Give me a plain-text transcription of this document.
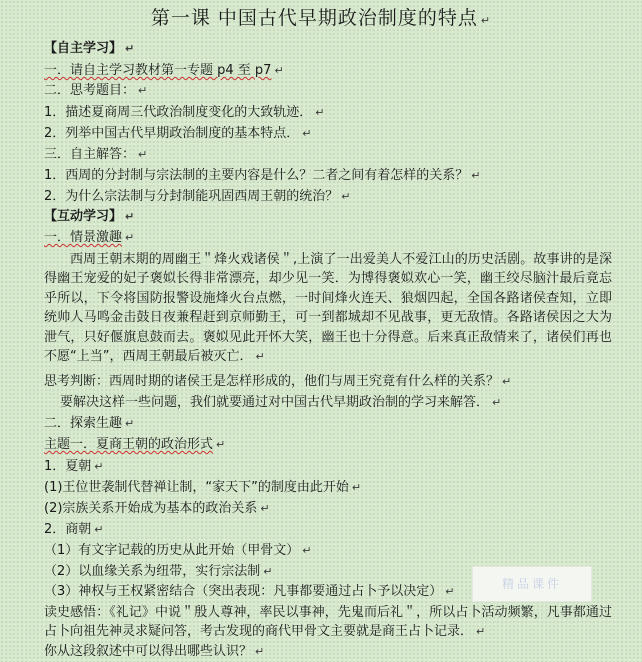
第一课 中国古代早期政治制度的特点 ↵
【自主学习】 ↵
一．请自主学习教材第一专题 p4 至 p7 ↵
二．思考题目： ↵
1．描述夏商周三代政治制度变化的大致轨迹． ↵
2．列举中国古代早期政治制度的基本特点． ↵
三．自主解答： ↵
1．西周的分封制与宗法制的主要内容是什么？二者之间有着怎样的关系？ ↵
2．为什么宗法制与分封制能巩固西周王朝的统治？ ↵
【互动学习】 ↵
一．情景激趣 ↵
西周王朝末期的周幽王＂烽火戏诸侯＂,上演了一出爱美人不爱江山的历史活剧。故事讲的是深得幽王宠爱的妃子褒姒长得非常漂亮，却少见一笑．为博得褒姒欢心一笑，幽王绞尽脑汁最后竟忘乎所以，下令将国防报警设施烽火台点燃，一时间烽火连天、狼烟四起，全国各路诸侯查知，立即统帅人马鸣金击鼓日夜兼程赶到京师勤王，可一到都城却不见战事，更无敌情。各路诸侯因之大为泄气，只好偃旗息鼓而去。褒姒见此开怀大笑，幽王也十分得意。后来真正敌情来了，诸侯们再也不愿“上当”，西周王朝最后被灭亡． ↵
思考判断：西周时期的诸侯王是怎样形成的，他们与周王究竟有什么样的关系？ ↵
要解决这样一些问题，我们就要通过对中国古代早期政治制的学习来解答． ↵
二．探索生趣 ↵
主题一．夏商王朝的政治形式 ↵
1．夏朝 ↵
(1)王位世袭制代替禅让制，“家天下”的制度由此开始 ↵
(2)宗族关系开始成为基本的政治关系 ↵
2．商朝 ↵
（1）有文字记载的历史从此开始（甲骨文） ↵
（2）以血缘关系为纽带，实行宗法制 ↵
（3）神权与王权紧密结合（突出表现：凡事都要通过占卜予以决定） ↵
读史感悟：《礼记》中说＂殷人尊神，率民以事神，先鬼而后礼＂，所以占卜活动频繁，凡事都通过占卜向祖先神灵求疑问答，考古发现的商代甲骨文主要就是商王占卜记录． ↵
你从这段叙述中可以得出哪些认识？ ↵
精品课件
